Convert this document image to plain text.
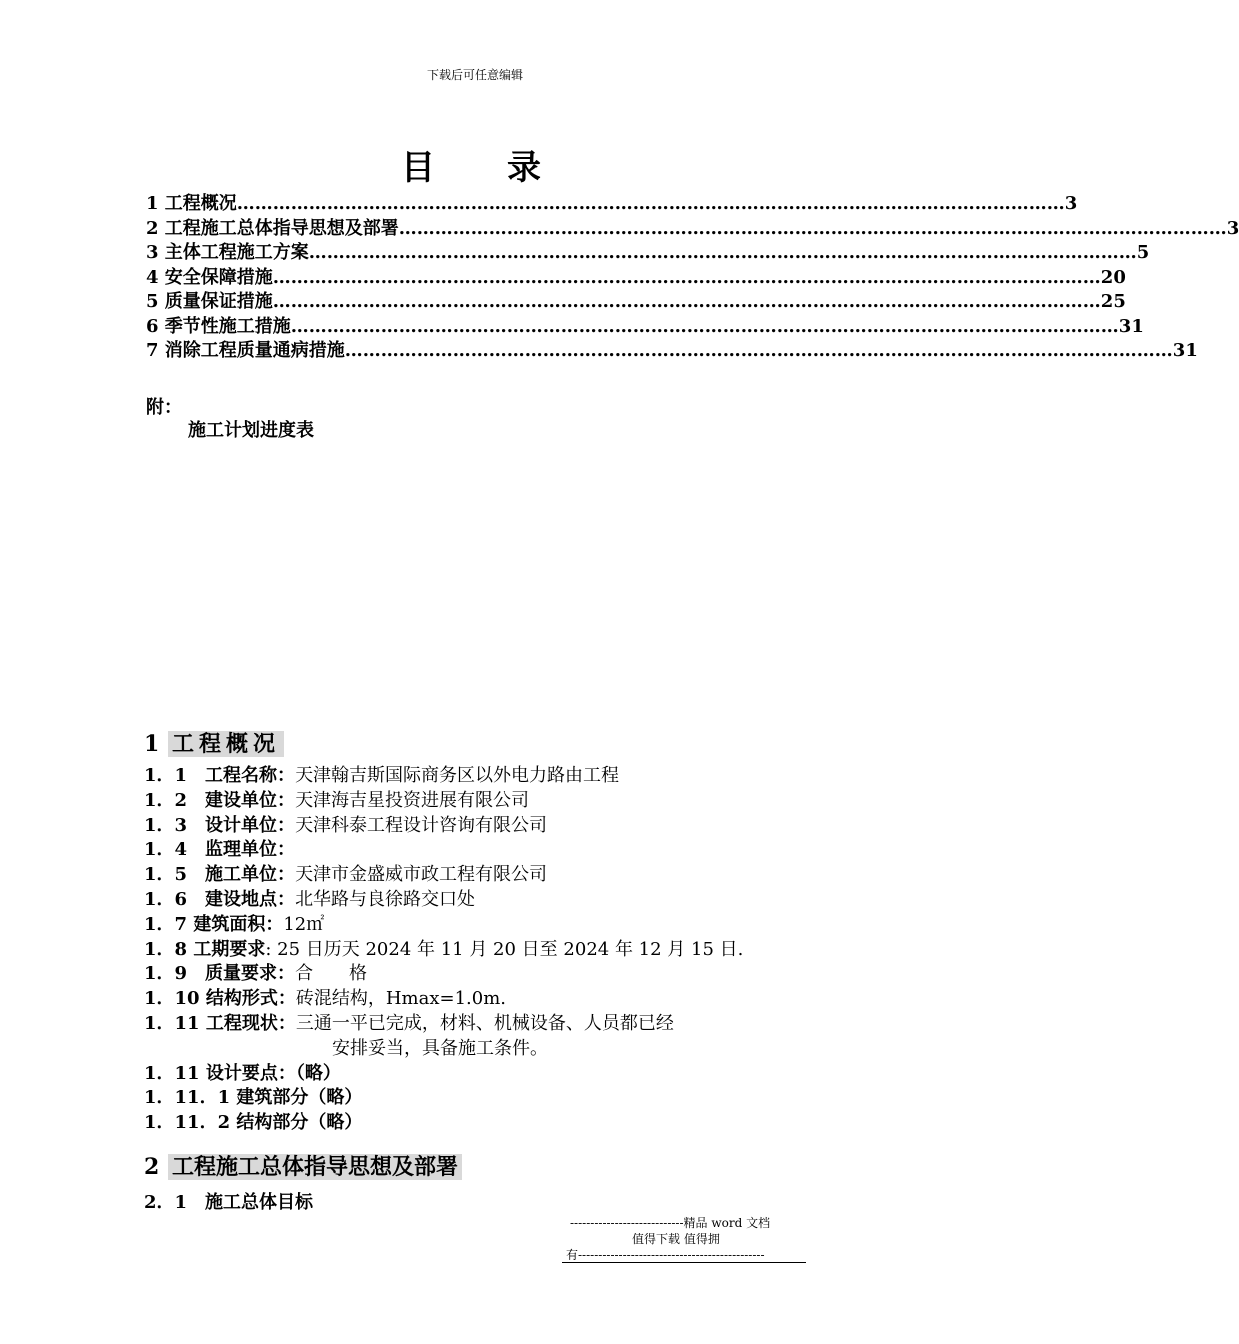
下载后可任意编辑
目 录
1 工程概况 ………………………………………………………………………………………………………………………… 3
2 工程施工总体指导思想及部署 ………………………………………………………………………………………………………………………… 3
3 主体工程施工方案 ………………………………………………………………………………………………………………………… 5
4 安全保障措施 ………………………………………………………………………………………………………………………… 20
5 质量保证措施 ………………………………………………………………………………………………………………………… 25
6 季节性施工措施 ………………………………………………………………………………………………………………………… 31
7 消除工程质量通病措施 ………………………………………………………………………………………………………………………… 31
附：
施工计划进度表
1 工程概况
1．1　工程名称：天津翰吉斯国际商务区以外电力路由工程
1．2　建设单位：天津海吉星投资进展有限公司
1．3　设计单位：天津科泰工程设计咨询有限公司
1．4　监理单位：
1．5　施工单位：天津市金盛威市政工程有限公司
1．6　建设地点：北华路与良徐路交口处
1．7 建筑面积：12㎡
1．8 工期要求: 25 日历天 2024 年 11 月 20 日至 2024 年 12 月 15 日.
1．9　质量要求：合　　格
1．10 结构形式：砖混结构，Hmax=1.0m.
1．11 工程现状：三通一平已完成，材料、机械设备、人员都已经
安排妥当，具备施工条件。
1．11 设计要点：（略）
1．11．1 建筑部分（略）
1．11．2 结构部分（略）
2 工程施工总体指导思想及部署
2．1　施工总体目标
----------------------------精品 word 文档
值得下载 值得拥
有----------------------------------------------
